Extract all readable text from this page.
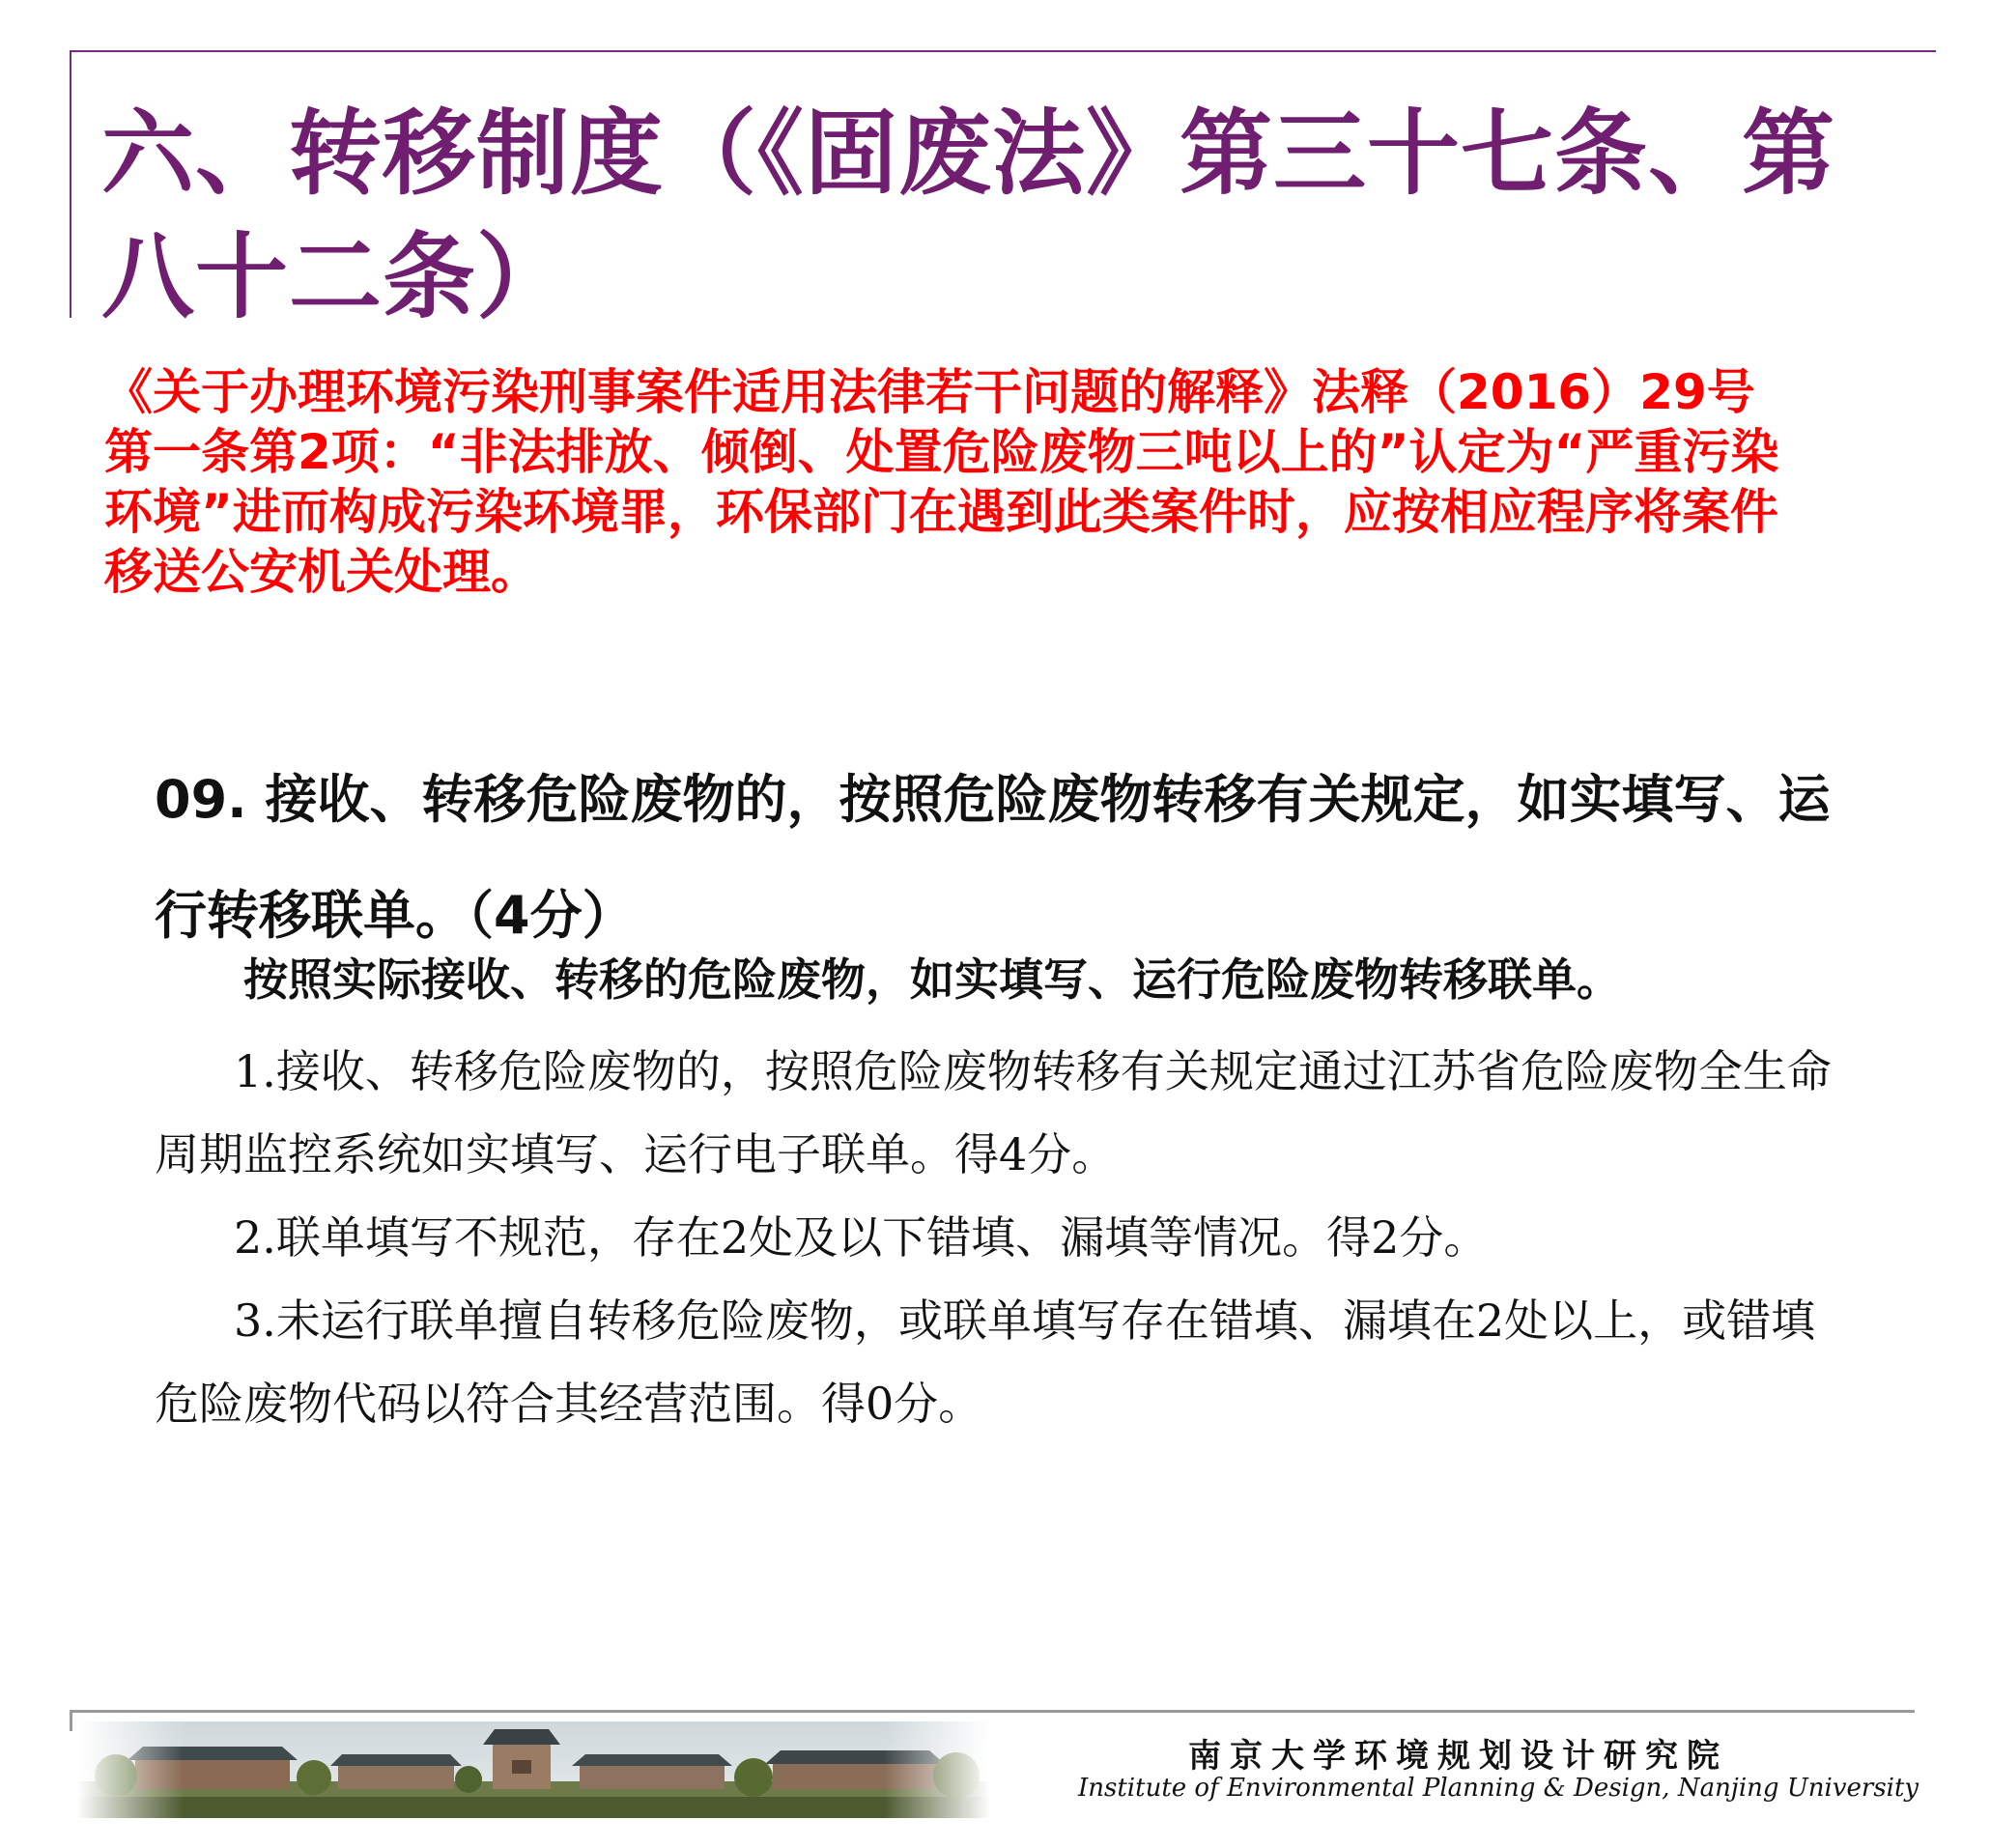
六、转移制度（《固废法》第三十七条、第八十二条）
《关于办理环境污染刑事案件适用法律若干问题的解释》法释（2016）29号
第一条第2项：“非法排放、倾倒、处置危险废物三吨以上的”认定为“严重污染
环境”进而构成污染环境罪，环保部门在遇到此类案件时，应按相应程序将案件
移送公安机关处理。
09. 接收、转移危险废物的，按照危险废物转移有关规定，如实填写、运行转移联单。（4分）
按照实际接收、转移的危险废物，如实填写、运行危险废物转移联单。

1.接收、转移危险废物的，按照危险废物转移有关规定通过江苏省危险废物全生命周期监控系统如实填写、运行电子联单。得4分。

2.联单填写不规范，存在2处及以下错填、漏填等情况。得2分。

3.未运行联单擅自转移危险废物，或联单填写存在错填、漏填在2处以上，或错填危险废物代码以符合其经营范围。得0分。

南京大学环境规划设计研究院
Institute of Environmental Planning & Design, Nanjing University
